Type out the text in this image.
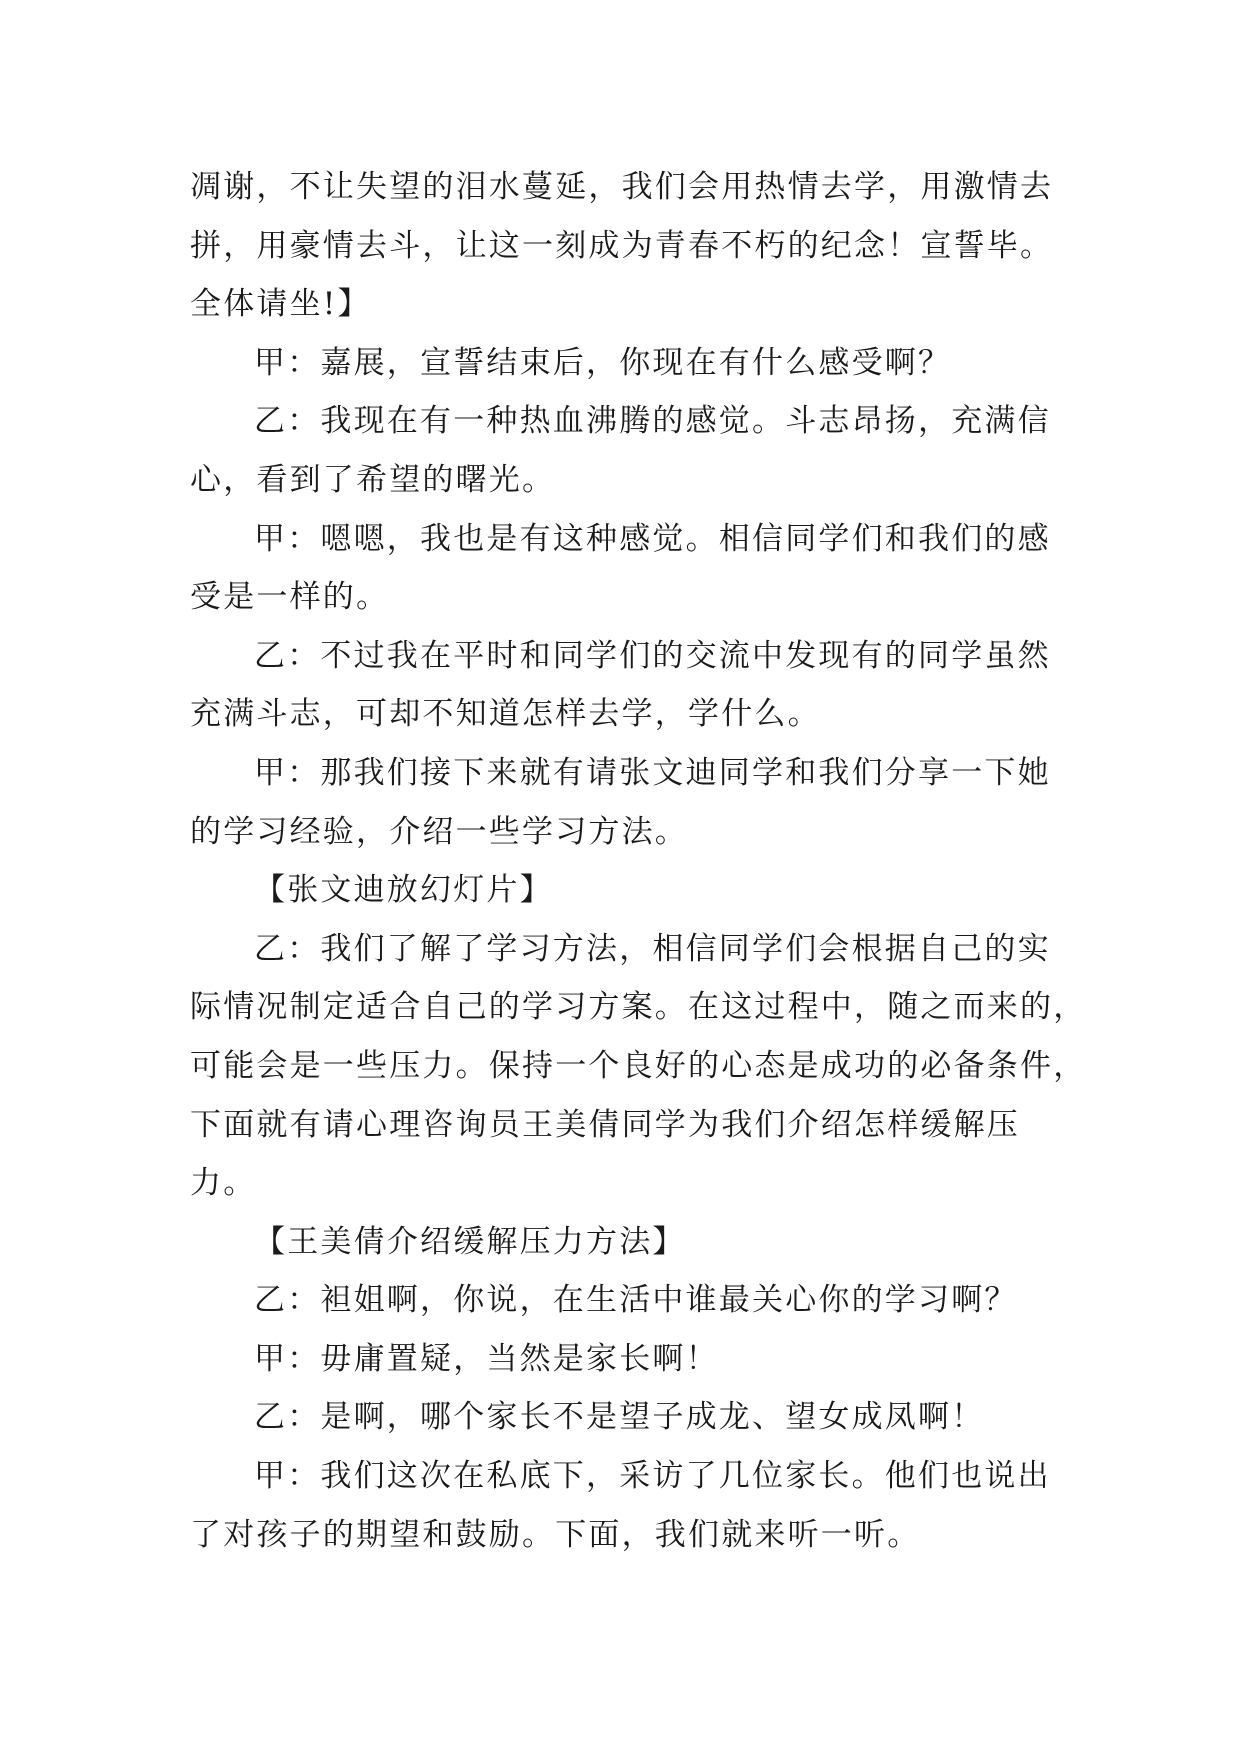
凋谢，不让失望的泪水蔓延，我们会用热情去学，用激情去
拼，用豪情去斗，让这一刻成为青春不朽的纪念！宣誓毕。
全体请坐!】
甲：嘉展，宣誓结束后，你现在有什么感受啊？
乙：我现在有一种热血沸腾的感觉。斗志昂扬，充满信
心，看到了希望的曙光。
甲：嗯嗯，我也是有这种感觉。相信同学们和我们的感
受是一样的。
乙：不过我在平时和同学们的交流中发现有的同学虽然
充满斗志，可却不知道怎样去学，学什么。
甲：那我们接下来就有请张文迪同学和我们分享一下她
的学习经验，介绍一些学习方法。
【张文迪放幻灯片】
乙：我们了解了学习方法，相信同学们会根据自己的实
际情况制定适合自己的学习方案。在这过程中，随之而来的，
可能会是一些压力。保持一个良好的心态是成功的必备条件，
下面就有请心理咨询员王美倩同学为我们介绍怎样缓解压
力。
【王美倩介绍缓解压力方法】
乙：袒姐啊，你说，在生活中谁最关心你的学习啊？
甲：毋庸置疑，当然是家长啊！
乙：是啊，哪个家长不是望子成龙、望女成凤啊！
甲：我们这次在私底下，采访了几位家长。他们也说出
了对孩子的期望和鼓励。下面，我们就来听一听。
